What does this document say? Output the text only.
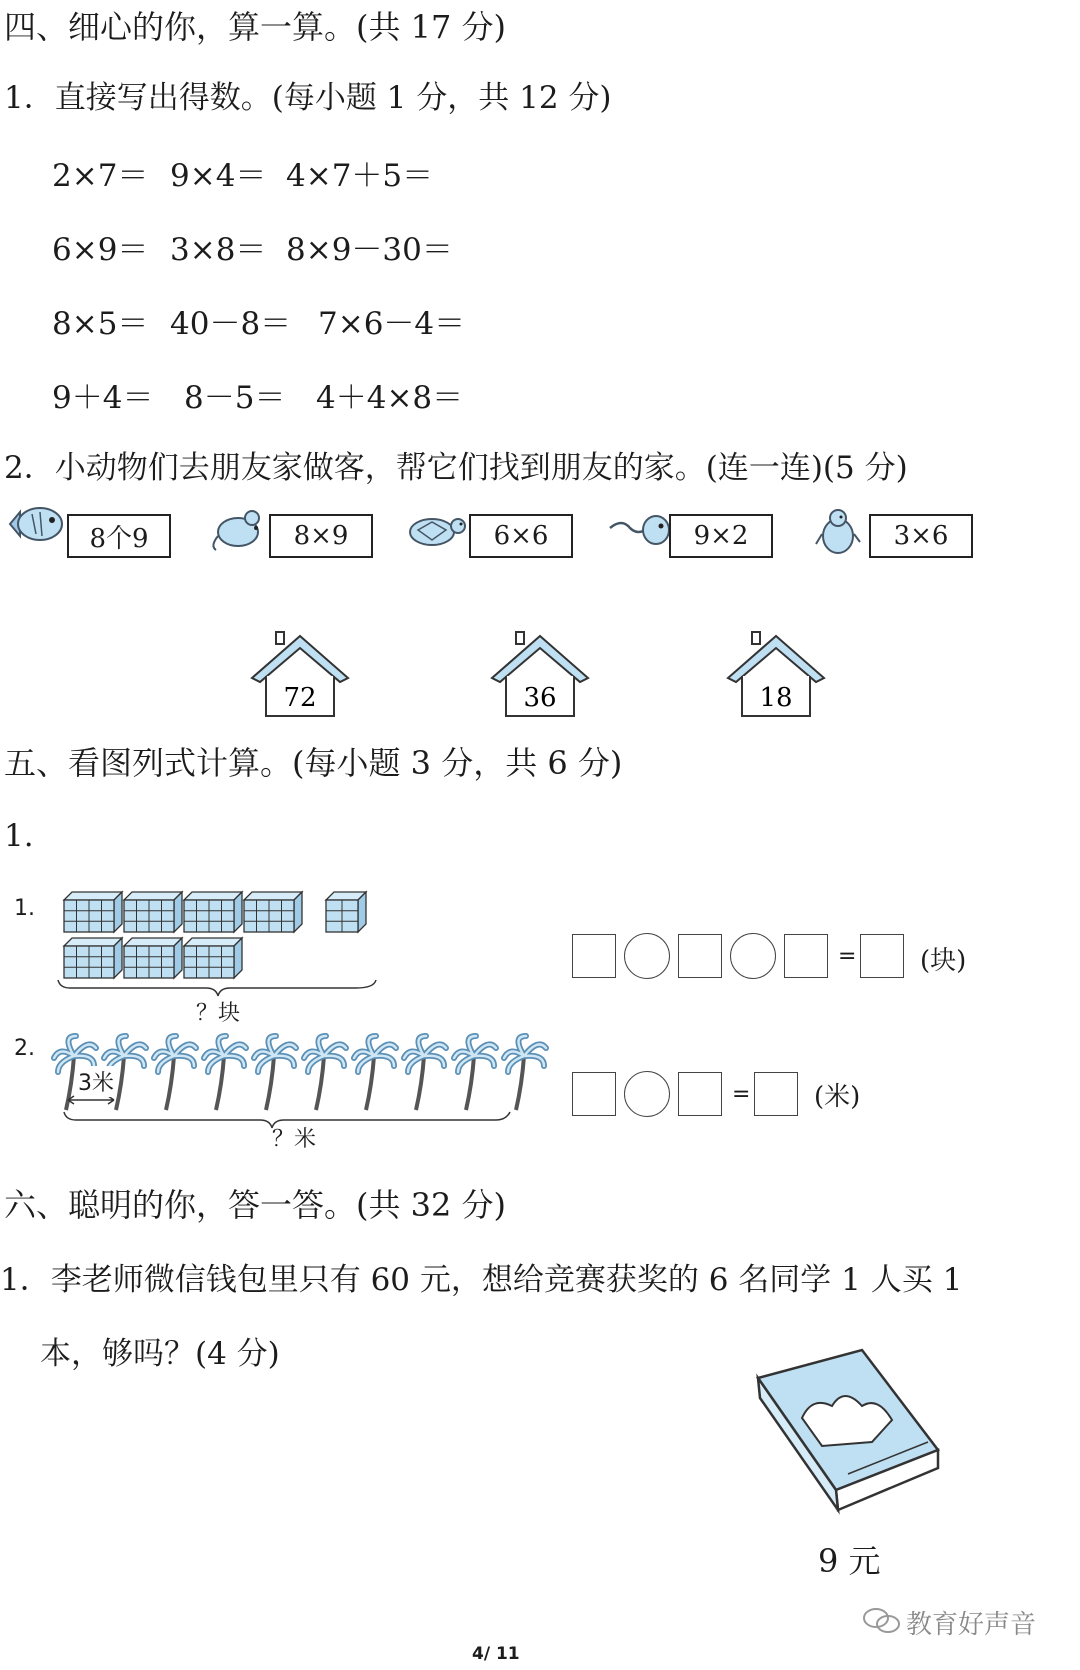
四、细心的你，算一算。(共 17 分)
1．直接写出得数。(每小题 1 分，共 12 分)
2×7＝ 9×4＝ 4×7＋5＝
6×9＝ 3×8＝ 8×9－30＝
8×5＝ 40－8＝ 7×6－4＝
9＋4＝ 8－5＝ 4＋4×8＝
2．小动物们去朋友家做客，帮它们找到朋友的家。(连一连)(5 分)
8个9	8×9	6×6	9×2	3×6
72	36	18
五、看图列式计算。(每小题 3 分，共 6 分)
1.
1.
？块
= (块)
2.
3米
？米
= (米)
六、聪明的你，答一答。(共 32 分)
1．李老师微信钱包里只有 60 元，想给竞赛获奖的 6 名同学 1 人买 1
本，够吗？(4 分)
9 元
教育好声音
4/ 11
